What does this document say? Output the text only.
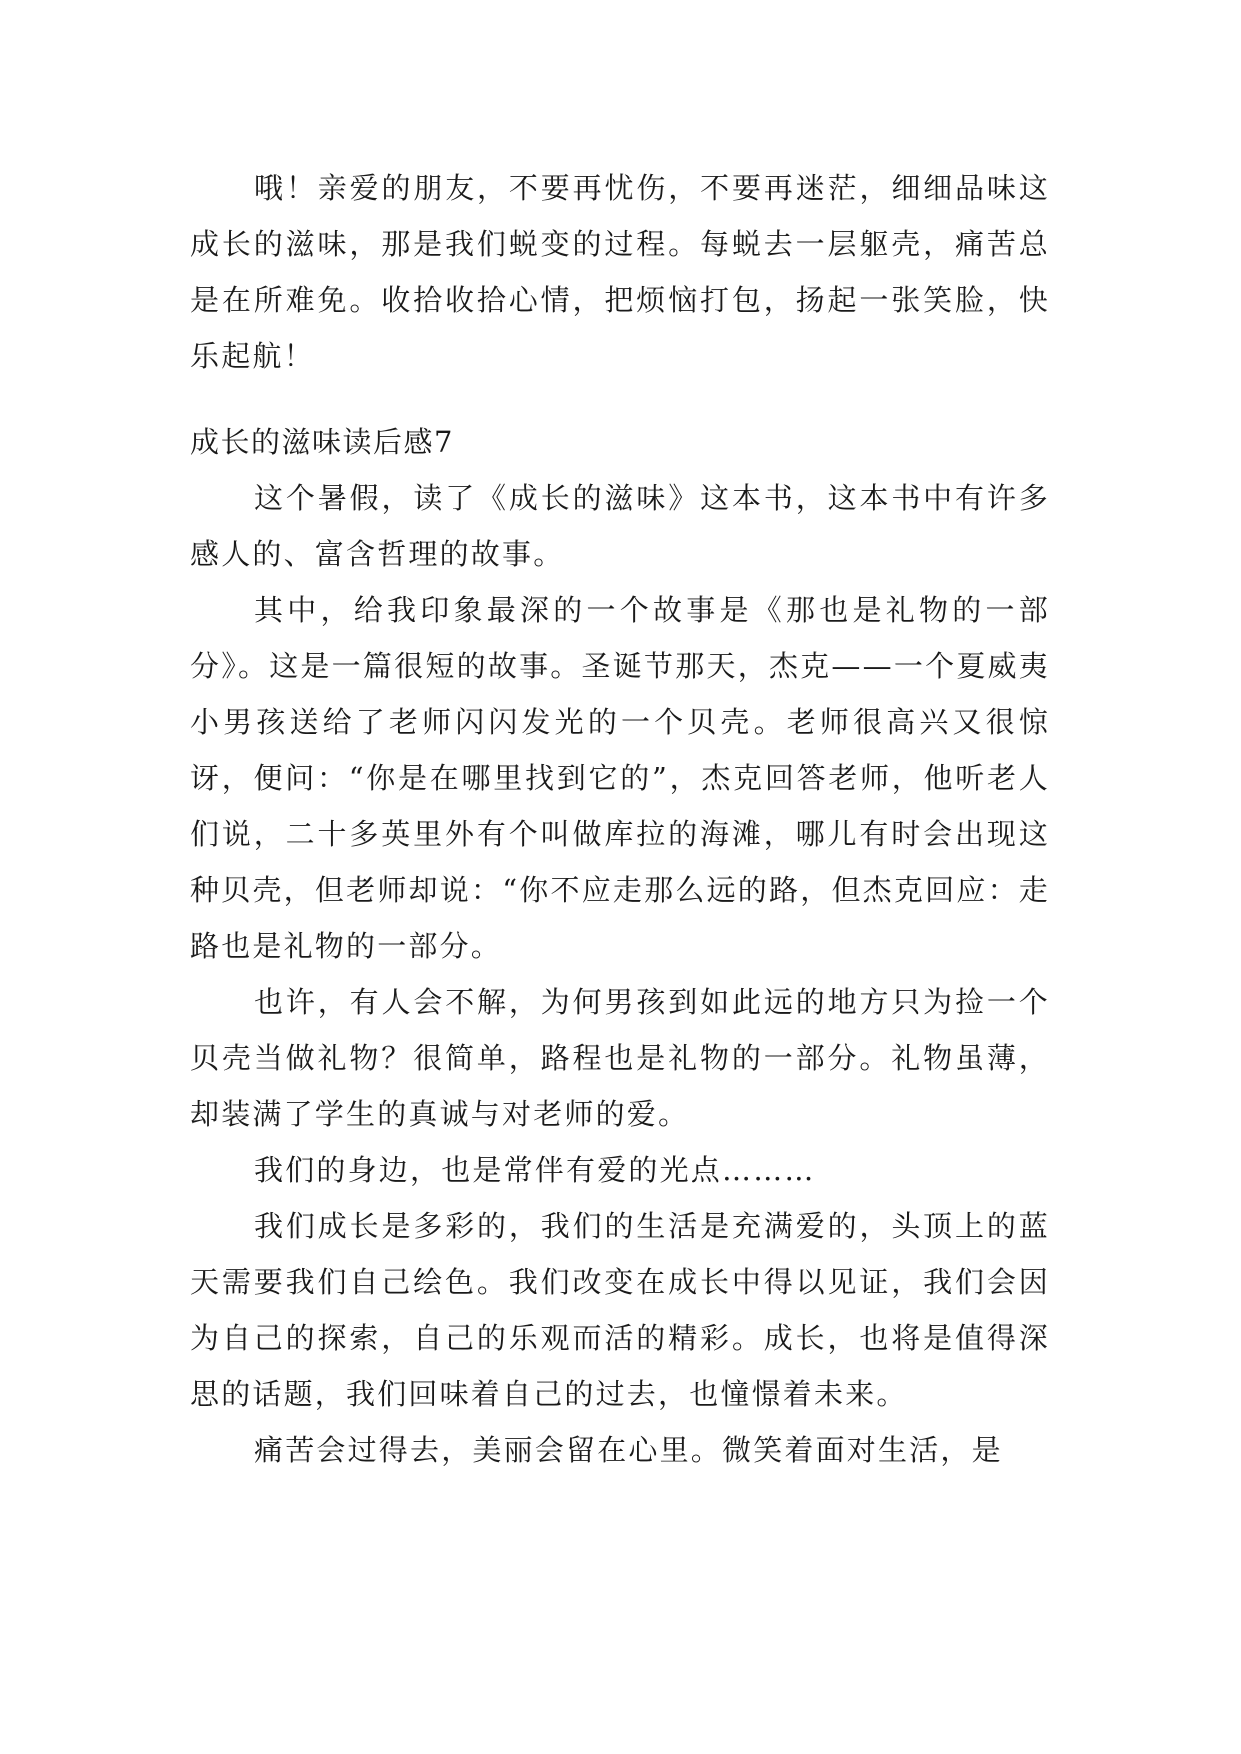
哦！亲爱的朋友，不要再忧伤，不要再迷茫，细细品味这成长的滋味，那是我们蜕变的过程。每蜕去一层躯壳，痛苦总是在所难免。收拾收拾心情，把烦恼打包，扬起一张笑脸，快乐起航！

成长的滋味读后感7

这个暑假，读了《成长的滋味》这本书，这本书中有许多感人的、富含哲理的故事。

其中，给我印象最深的一个故事是《那也是礼物的一部分》。这是一篇很短的故事。圣诞节那天，杰克——一个夏威夷小男孩送给了老师闪闪发光的一个贝壳。老师很高兴又很惊讶，便问：“你是在哪里找到它的”，杰克回答老师，他听老人们说，二十多英里外有个叫做库拉的海滩，哪儿有时会出现这种贝壳，但老师却说：“你不应走那么远的路，但杰克回应：走路也是礼物的一部分。

也许，有人会不解，为何男孩到如此远的地方只为捡一个贝壳当做礼物？很简单，路程也是礼物的一部分。礼物虽薄，却装满了学生的真诚与对老师的爱。

我们的身边，也是常伴有爱的光点………

我们成长是多彩的，我们的生活是充满爱的，头顶上的蓝天需要我们自己绘色。我们改变在成长中得以见证，我们会因为自己的探索，自己的乐观而活的精彩。成长，也将是值得深思的话题，我们回味着自己的过去，也憧憬着未来。

痛苦会过得去，美丽会留在心里。微笑着面对生活，是
